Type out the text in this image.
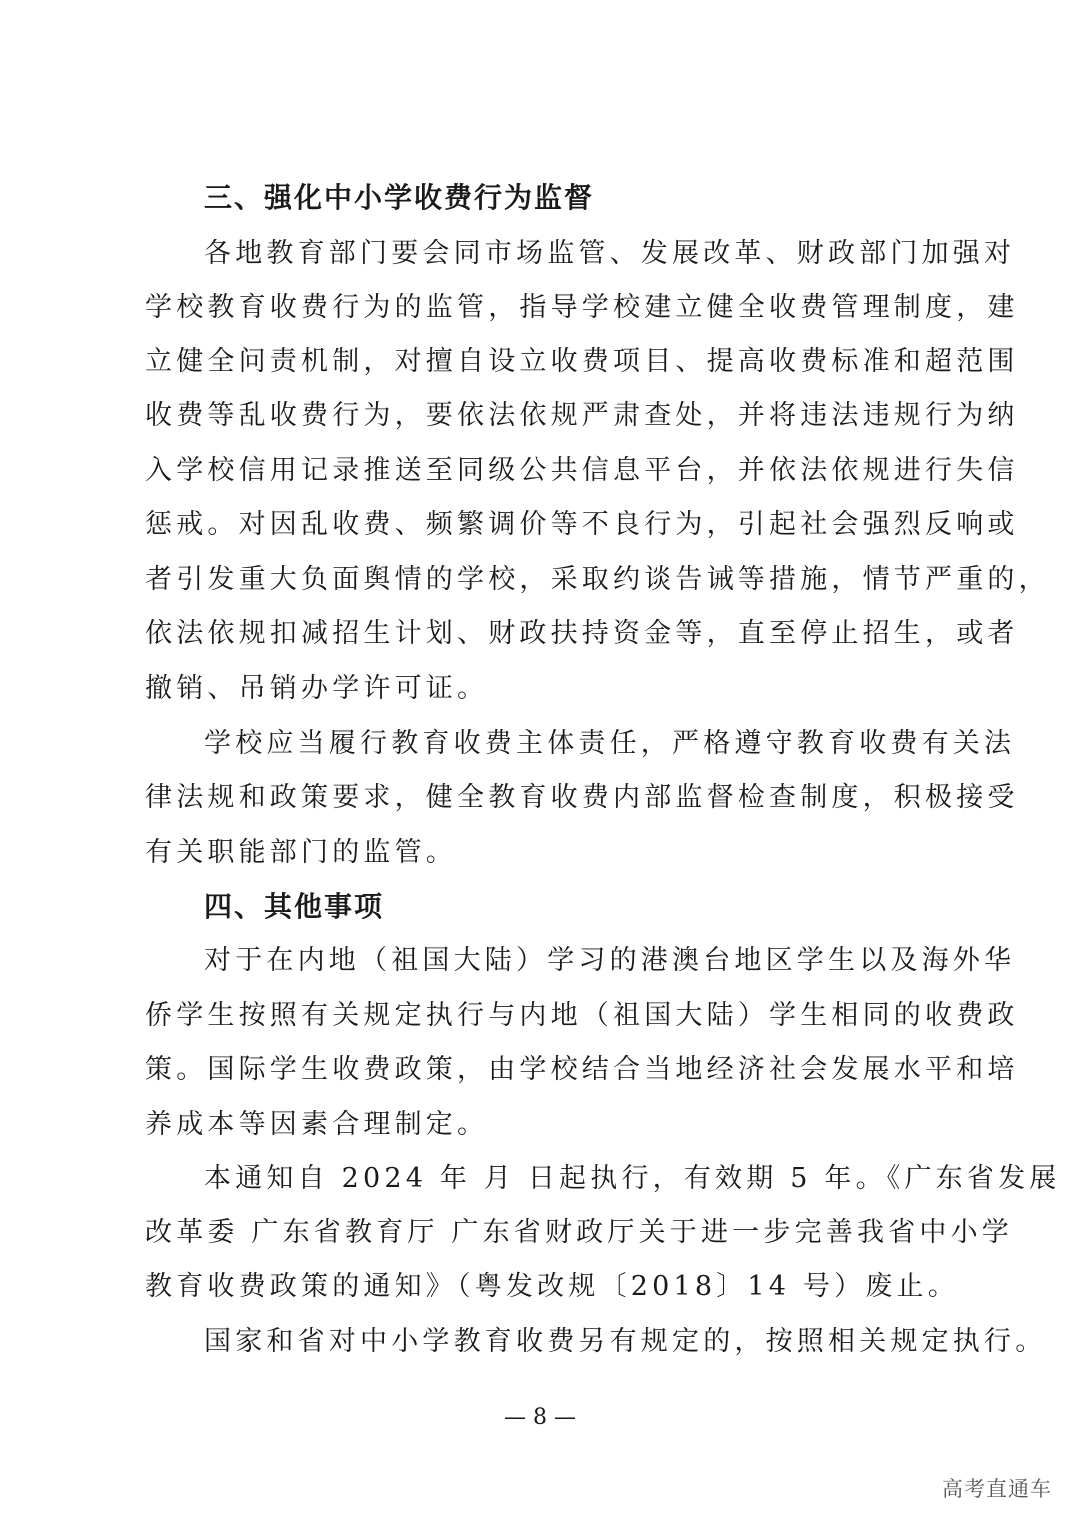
三、强化中小学收费行为监督
各地教育部门要会同市场监管、发展改革、财政部门加强对
学校教育收费行为的监管，指导学校建立健全收费管理制度，建
立健全问责机制，对擅自设立收费项目、提高收费标准和超范围
收费等乱收费行为，要依法依规严肃查处，并将违法违规行为纳
入学校信用记录推送至同级公共信息平台，并依法依规进行失信
惩戒。对因乱收费、频繁调价等不良行为，引起社会强烈反响或
者引发重大负面舆情的学校，采取约谈告诫等措施，情节严重的，
依法依规扣减招生计划、财政扶持资金等，直至停止招生，或者
撤销、吊销办学许可证。
学校应当履行教育收费主体责任，严格遵守教育收费有关法
律法规和政策要求，健全教育收费内部监督检查制度，积极接受
有关职能部门的监管。
四、其他事项
对于在内地（祖国大陆）学习的港澳台地区学生以及海外华
侨学生按照有关规定执行与内地（祖国大陆）学生相同的收费政
策。国际学生收费政策，由学校结合当地经济社会发展水平和培
养成本等因素合理制定。
本通知自 2024 年 月 日起执行，有效期 5 年。《广东省发展
改革委 广东省教育厅 广东省财政厅关于进一步完善我省中小学
教育收费政策的通知》（粤发改规〔2018〕14 号）废止。
国家和省对中小学教育收费另有规定的，按照相关规定执行。
— 8 —
高考直通车
